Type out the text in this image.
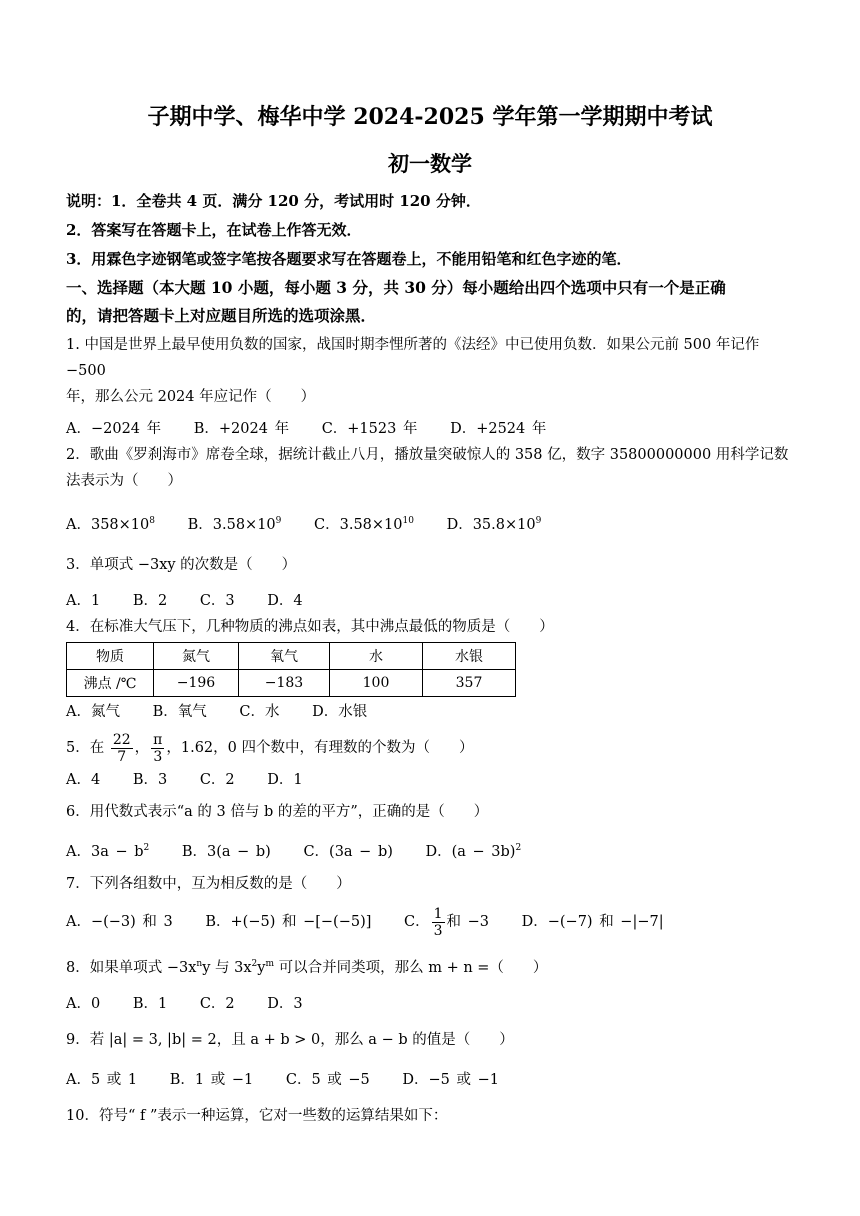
子期中学、梅华中学 2024-2025 学年第一学期期中考试
初一数学
说明：1．全卷共 4 页．满分 120 分，考试用时 120 分钟．
2．答案写在答题卡上，在试卷上作答无效．
3．用霖色字迹钢笔或签字笔按各题要求写在答题卷上，不能用铅笔和红色字迹的笔．
一、选择题（本大题 10 小题，每小题 3 分，共 30 分）每小题给出四个选项中只有一个是正确
的，请把答题卡上对应题目所选的选项涂黑．
1. 中国是世界上最早使用负数的国家，战国时期李悝所著的《法经》中已使用负数．如果公元前 500 年记作 −500
年，那么公元 2024 年应记作（　　）
A．−2024 年 B．+2024 年 C．+1523 年 D．+2524 年
2．歌曲《罗刹海市》席卷全球，据统计截止八月，播放量突破惊人的 358 亿，数字 35800000000 用科学记数
法表示为（　　）
A．$358\times 10^8$ B．$3.58\times 10^9$ C．$3.58\times 10^{10}$ D．$35.8\times 10^9$
3．单项式 −3xy 的次数是（　　）
A．1 B．2 C．3 D．4
4．在标准大气压下，几种物质的沸点如表，其中沸点最低的物质是（　　）
物质	氮气	氧气	水	水银
沸点 /℃	−196	−183	100	357
A．氮气 B．氧气 C．水 D．水银
5．在 $\frac{22}{7}$ ， $\frac{\pi}{3}$ ，1.62，0 四个数中，有理数的个数为（　　）
A．4 B．3 C．2 D．1
6．用代数式表示“a 的 3 倍与 b 的差的平方”，正确的是（　　）
A．$3a - b^2$ B．3(a − b) C．(3a − b) D．$(a - 3b)^2$
7．下列各组数中，互为相反数的是（　　）
A．−(−3) 和 3 B．+(−5) 和 −[−(−5)] C． $\frac{1}{3}$ 和 −3 D．−(−7) 和 −|−7|
8．如果单项式 $-3x^ny$ 与 $3x^2y^m$ 可以合并同类项，那么 m + n =（　　）
A．0 B．1 C．2 D．3
9．若 |a| = 3, |b| = 2，且 a + b > 0，那么 a − b 的值是（　　）
A．5 或 1 B．1 或 −1 C．5 或 −5 D．−5 或 −1
10．符号“ f ”表示一种运算，它对一些数的运算结果如下：
